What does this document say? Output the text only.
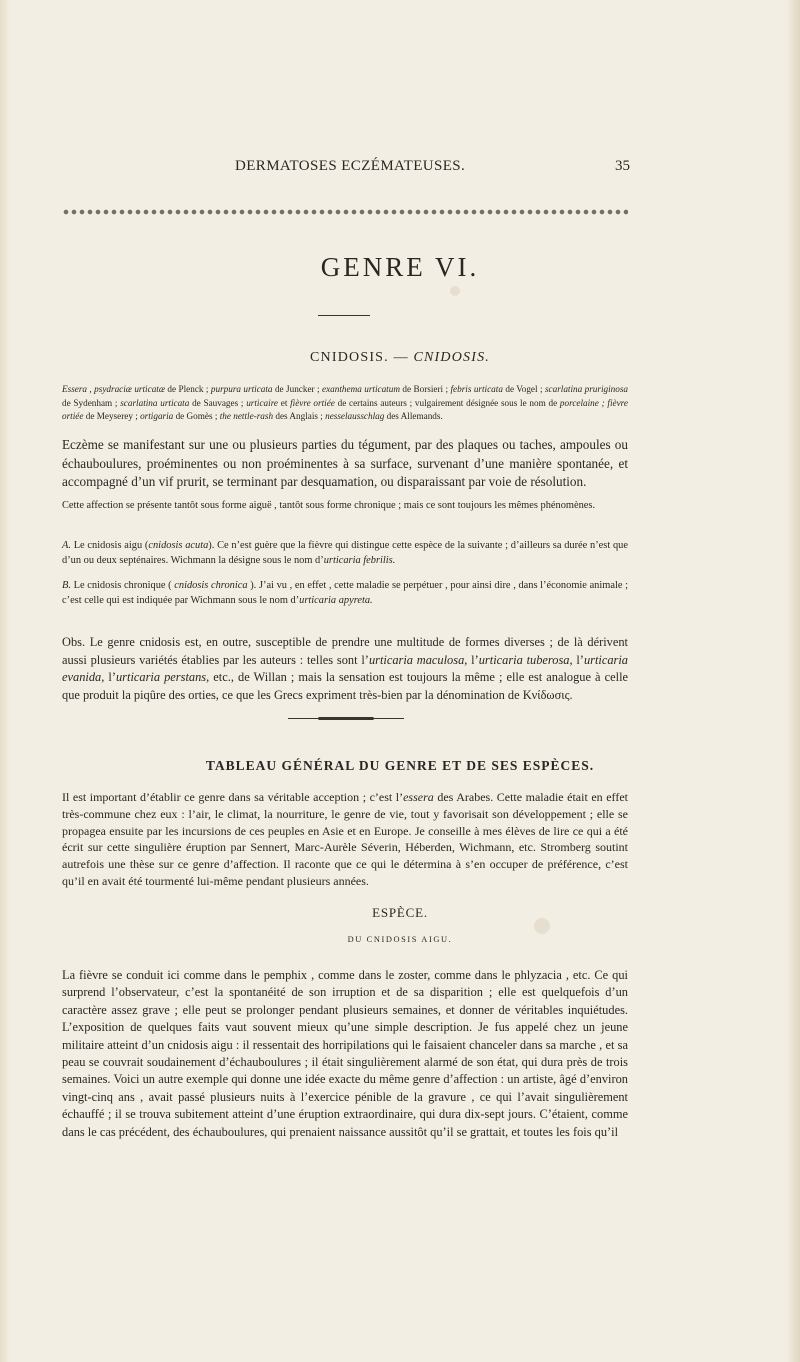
DERMATOSES ECZÉMATEUSES.	35
GENRE VI.
CNIDOSIS. — CNIDOSIS.

Essera , psydraciæ urticatæ de Plenck ; purpura urticata de Juncker ; exanthema urticatum de Borsieri ; febris urticata de Vogel ; scarlatina pruriginosa de Sydenham ; scarlatina urticata de Sauvages ; urticaire et fièvre ortiée de certains auteurs ; vulgairement désignée sous le nom de porcelaine ; fièvre ortiée de Meyserey ; ortigaria de Gomès ; the nettle-rash des Anglais ; nesselausschlag des Allemands.

Eczème se manifestant sur une ou plusieurs parties du tégument, par des plaques ou taches, ampoules ou échauboulures, proéminentes ou non proéminentes à sa surface, survenant d’une manière spontanée, et accompagné d’un vif prurit, se terminant par desquamation, ou disparaissant par voie de résolution.

Cette affection se présente tantôt sous forme aiguë , tantôt sous forme chronique ; mais ce sont toujours les mêmes phénomènes.

A. Le cnidosis aigu (cnidosis acuta). Ce n’est guère que la fièvre qui distingue cette espèce de la suivante ; d’ailleurs sa durée n’est que d’un ou deux septénaires. Wichmann la désigne sous le nom d’urticaria febrilis.

B. Le cnidosis chronique ( cnidosis chronica ). J’ai vu , en effet , cette maladie se perpétuer , pour ainsi dire , dans l’économie animale ; c’est celle qui est indiquée par Wichmann sous le nom d’urticaria apyreta.

Obs. Le genre cnidosis est, en outre, susceptible de prendre une multitude de formes diverses ; de là dérivent aussi plusieurs variétés établies par les auteurs : telles sont l’urticaria maculosa, l’urticaria tuberosa, l’urticaria evanida, l’urticaria perstans, etc., de Willan ; mais la sensation est toujours la même ; elle est analogue à celle que produit la piqûre des orties, ce que les Grecs expriment très-bien par la dénomination de Κνίδωσις.

TABLEAU GÉNÉRAL DU GENRE ET DE SES ESPÈCES.

Il est important d’établir ce genre dans sa véritable acception ; c’est l’essera des Arabes. Cette maladie était en effet très-commune chez eux : l’air, le climat, la nourriture, le genre de vie, tout y favorisait son développement ; elle se propagea ensuite par les incursions de ces peuples en Asie et en Europe. Je conseille à mes élèves de lire ce qui a été écrit sur cette singulière éruption par Sennert, Marc-Aurèle Séverin, Héberden, Wichmann, etc. Stromberg soutint autrefois une thèse sur ce genre d’affection. Il raconte que ce qui le détermina à s’en occuper de préférence, c’est qu’il en avait été tourmenté lui-même pendant plusieurs années.

ESPÈCE.
DU CNIDOSIS AIGU.

La fièvre se conduit ici comme dans le pemphix , comme dans le zoster, comme dans le phlyzacia , etc. Ce qui surprend l’observateur, c’est la spontanéité de son irruption et de sa disparition ; elle est quelquefois d’un caractère assez grave ; elle peut se prolonger pendant plusieurs semaines, et donner de véritables inquiétudes. L’exposition de quelques faits vaut souvent mieux qu’une simple description. Je fus appelé chez un jeune militaire atteint d’un cnidosis aigu : il ressentait des horripilations qui le faisaient chanceler dans sa marche , et sa peau se couvrait soudainement d’échauboulures ; il était singulièrement alarmé de son état, qui dura près de trois semaines. Voici un autre exemple qui donne une idée exacte du même genre d’affection : un artiste, âgé d’environ vingt-cinq ans , avait passé plusieurs nuits à l’exercice pénible de la gravure , ce qui l’avait singulièrement échauffé ; il se trouva subitement atteint d’une éruption extraordinaire, qui dura dix-sept jours. C’étaient, comme dans le cas précédent, des échauboulures, qui prenaient naissance aussitôt qu’il se grattait, et toutes les fois qu’il
